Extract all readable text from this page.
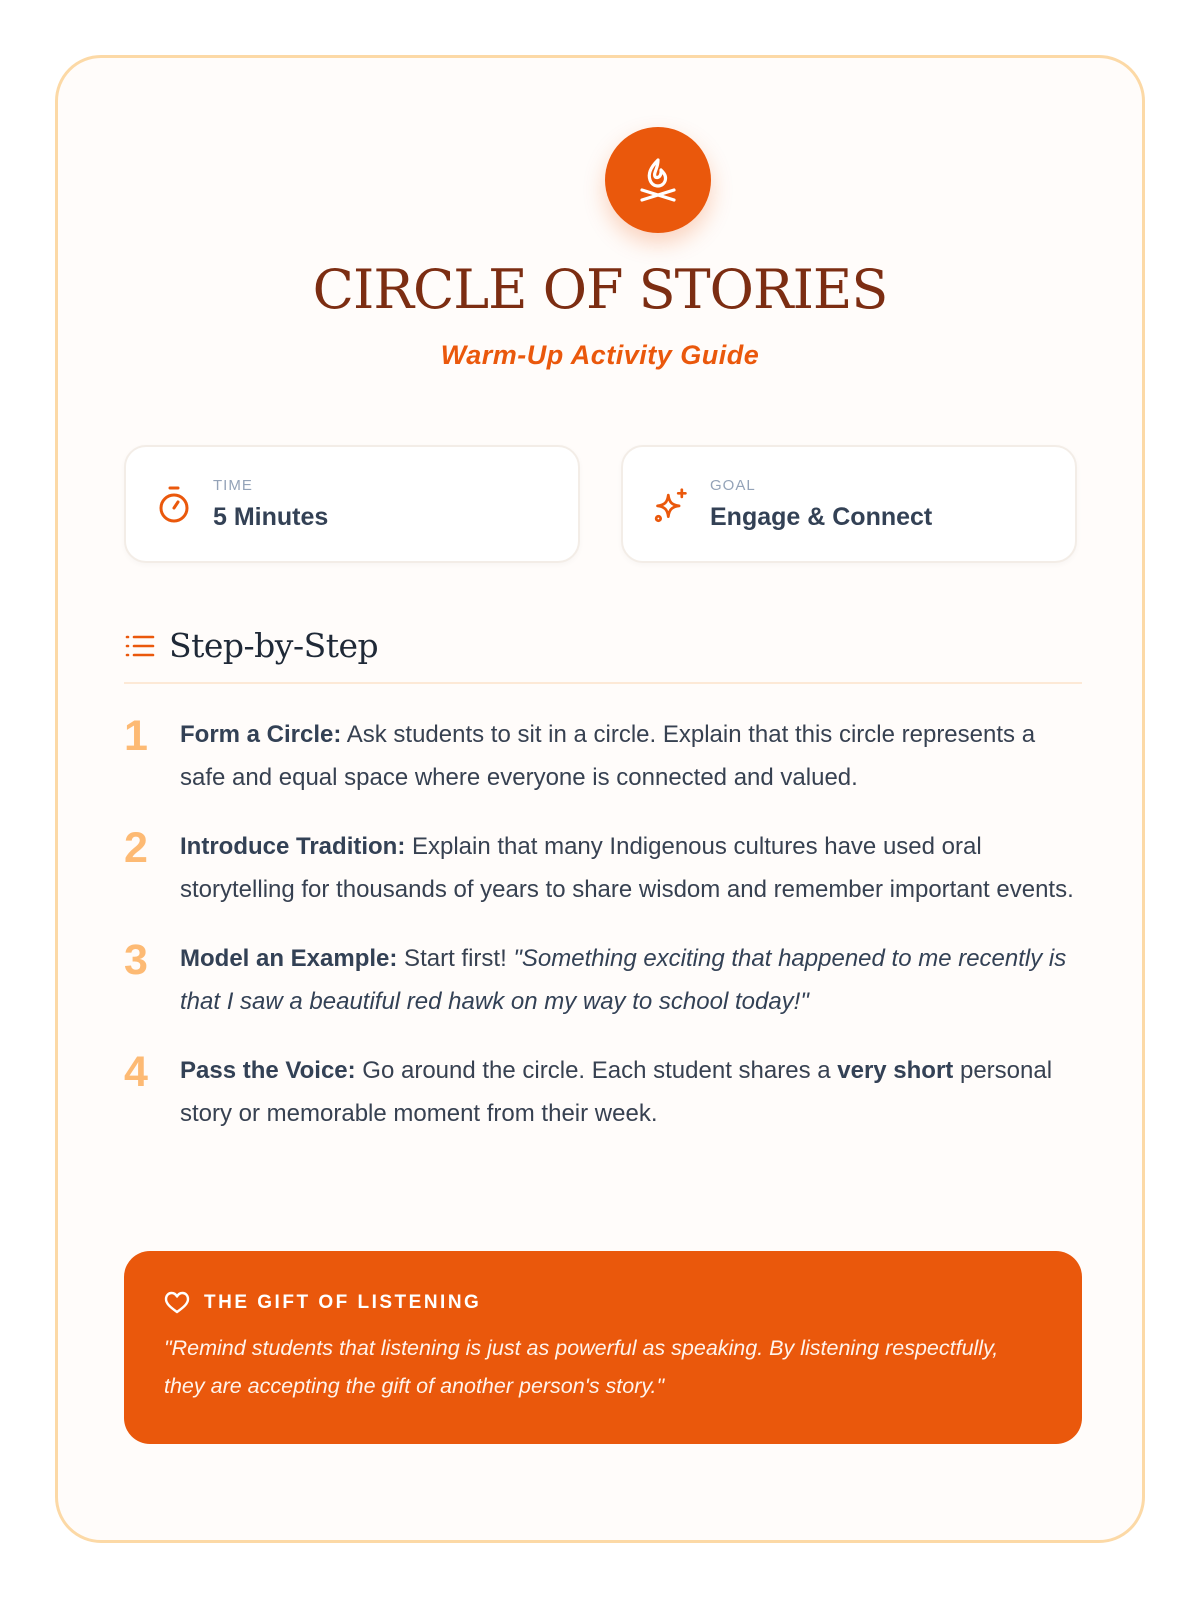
CIRCLE OF STORIES
Warm-Up Activity Guide
TIME
5 Minutes
GOAL
Engage & Connect
Step-by-Step
1 Form a Circle: Ask students to sit in a circle. Explain that this circle represents a safe and equal space where everyone is connected and valued.
2 Introduce Tradition: Explain that many Indigenous cultures have used oral storytelling for thousands of years to share wisdom and remember important events.
3 Model an Example: Start first! "Something exciting that happened to me recently is that I saw a beautiful red hawk on my way to school today!"
4 Pass the Voice: Go around the circle. Each student shares a very short personal story or memorable moment from their week.
THE GIFT OF LISTENING
"Remind students that listening is just as powerful as speaking. By listening respectfully, they are accepting the gift of another person's story."
